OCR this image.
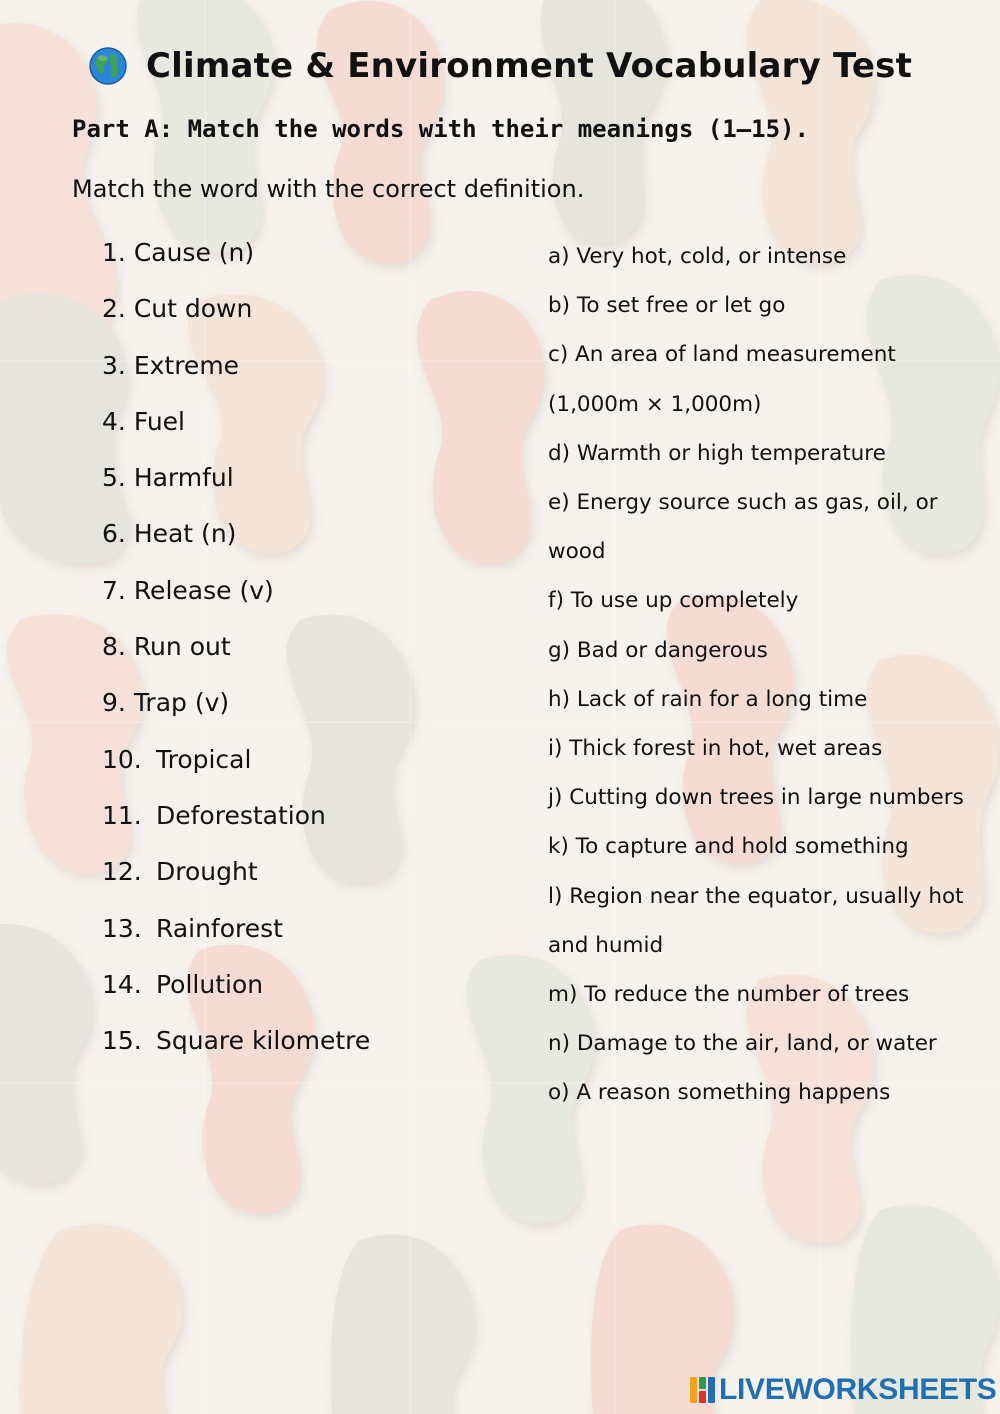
Climate & Environment Vocabulary Test
Part A: Match the words with their meanings (1–15).
Match the word with the correct definition.
1. Cause (n)
2. Cut down
3. Extreme
4. Fuel
5. Harmful
6. Heat (n)
7. Release (v)
8. Run out
9. Trap (v)
10. Tropical
11. Deforestation
12. Drought
13. Rainforest
14. Pollution
15. Square kilometre
a) Very hot, cold, or intense
b) To set free or let go
c) An area of land measurement (1,000m × 1,000m)
d) Warmth or high temperature
e) Energy source such as gas, oil, or wood
f) To use up completely
g) Bad or dangerous
h) Lack of rain for a long time
i) Thick forest in hot, wet areas
j) Cutting down trees in large numbers
k) To capture and hold something
l) Region near the equator, usually hot and humid
m) To reduce the number of trees
n) Damage to the air, land, or water
o) A reason something happens
LIVEWORKSHEETS
